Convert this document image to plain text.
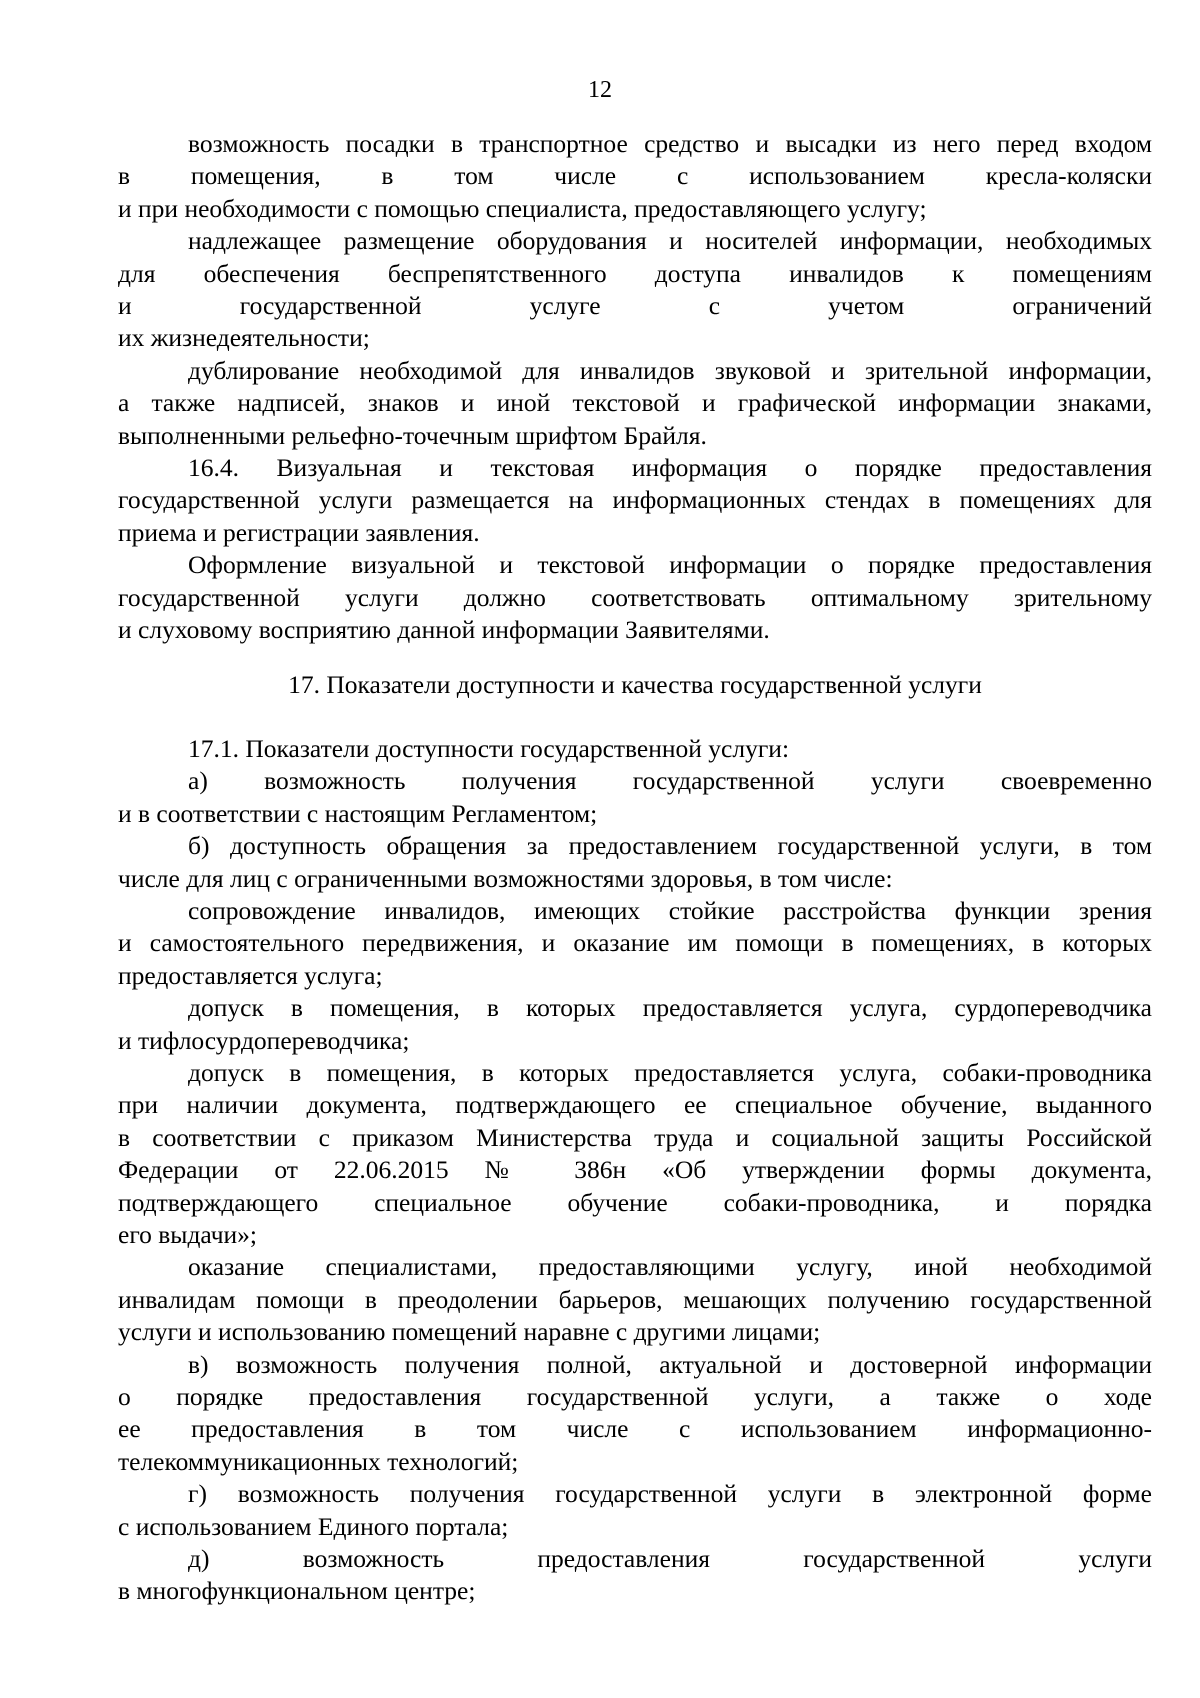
12
возможность посадки в транспортное средство и высадки из него перед входом
в помещения, в том числе с использованием кресла-коляски
и при необходимости с помощью специалиста, предоставляющего услугу;
надлежащее размещение оборудования и носителей информации, необходимых
для обеспечения беспрепятственного доступа инвалидов к помещениям
и государственной услуге с учетом ограничений
их жизнедеятельности;
дублирование необходимой для инвалидов звуковой и зрительной информации,
а также надписей, знаков и иной текстовой и графической информации знаками,
выполненными рельефно-точечным шрифтом Брайля.
16.4. Визуальная и текстовая информация о порядке предоставления
государственной услуги размещается на информационных стендах в помещениях для
приема и регистрации заявления.
Оформление визуальной и текстовой информации о порядке предоставления
государственной услуги должно соответствовать оптимальному зрительному
и слуховому восприятию данной информации Заявителями.
17. Показатели доступности и качества государственной услуги
17.1. Показатели доступности государственной услуги:
а) возможность получения государственной услуги своевременно
и в соответствии с настоящим Регламентом;
б) доступность обращения за предоставлением государственной услуги, в том
числе для лиц с ограниченными возможностями здоровья, в том числе:
сопровождение инвалидов, имеющих стойкие расстройства функции зрения
и самостоятельного передвижения, и оказание им помощи в помещениях, в которых
предоставляется услуга;
допуск в помещения, в которых предоставляется услуга, сурдопереводчика
и тифлосурдопереводчика;
допуск в помещения, в которых предоставляется услуга, собаки-проводника
при наличии документа, подтверждающего ее специальное обучение, выданного
в соответствии с приказом Министерства труда и социальной защиты Российской
Федерации от 22.06.2015 № 386н «Об утверждении формы документа,
подтверждающего специальное обучение собаки-проводника, и порядка
его выдачи»;
оказание специалистами, предоставляющими услугу, иной необходимой
инвалидам помощи в преодолении барьеров, мешающих получению государственной
услуги и использованию помещений наравне с другими лицами;
в) возможность получения полной, актуальной и достоверной информации
о порядке предоставления государственной услуги, а также о ходе
ее предоставления в том числе с использованием информационно-
телекоммуникационных технологий;
г) возможность получения государственной услуги в электронной форме
с использованием Единого портала;
д) возможность предоставления государственной услуги
в многофункциональном центре;
